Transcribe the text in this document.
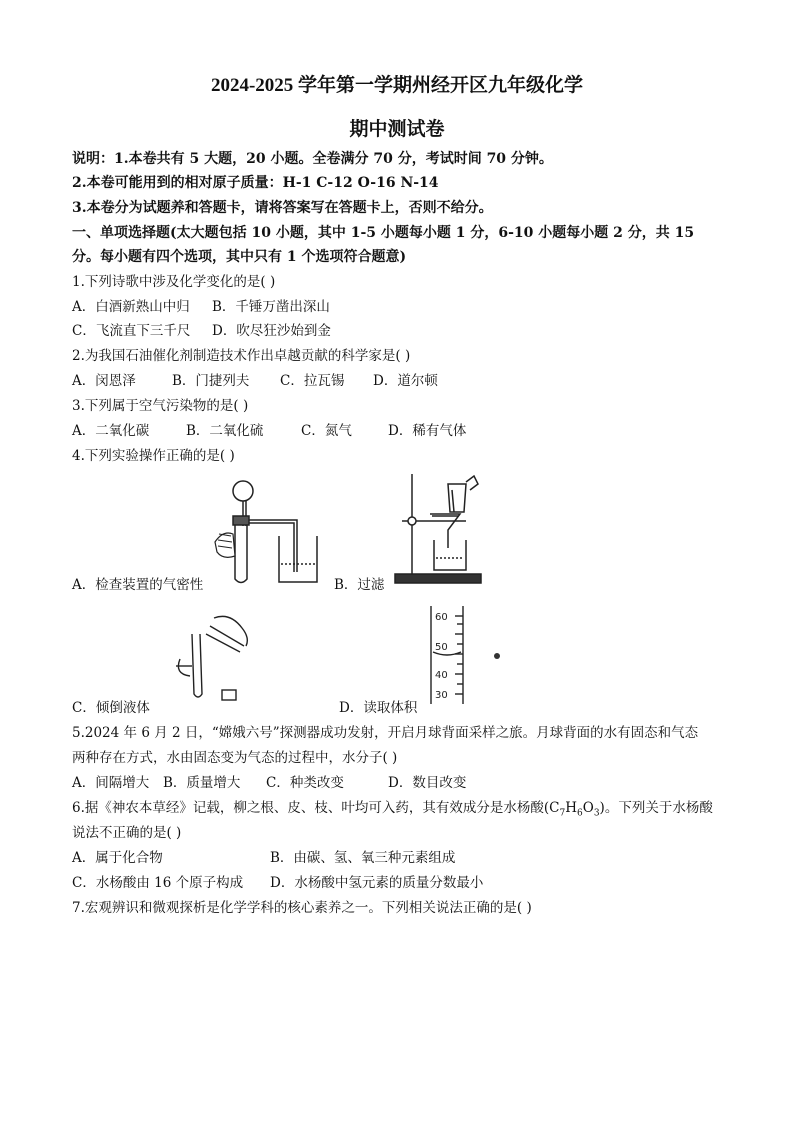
2024-2025 学年第一学期州经开区九年级化学
期中测试卷
说明：1.本卷共有 5 大题，20 小题。全卷满分 70 分，考试时间 70 分钟。
2.本卷可能用到的相对原子质量：H-1 C-12 O-16 N-14
3.本卷分为试题养和答题卡，请将答案写在答题卡上，否则不给分。
一、单项选择题(太大题包括 10 小题，其中 1-5 小题每小题 1 分，6-10 小题每小题 2 分，共 15
分。每小题有四个选项，其中只有 1 个选项符合题意)
1.下列诗歌中涉及化学变化的是( )
A．白酒新熟山中归 B．千锤万凿出深山
C．飞流直下三千尺 D．吹尽狂沙始到金
2.为我国石油催化剂制造技术作出卓越贡献的科学家是( )
A．闵恩泽	B．门捷列夫 C．拉瓦锡 D．道尔顿
3.下列属于空气污染物的是( )
A．二氧化碳	B．二氧化硫	C．氮气	D．稀有气体
4.下列实验操作正确的是( )
A．检查装置的气密性	B．过滤
C．倾倒液体
60
50
40
30
D．读取体积
5.2024 年 6 月 2 日，“嫦娥六号”探测器成功发射，开启月球背面采样之旅。月球背面的水有固态和气态
两种存在方式，水由固态变为气态的过程中，水分子( )
A．间隔增大 B．质量增大 C．种类改变	D．数目改变
6.据《神农本草经》记载，柳之根、皮、枝、叶均可入药，其有效成分是水杨酸$(C_7H_6O_3)$。下列关于水杨酸
说法不正确的是( )
A．属于化合物	B．由碳、氢、氧三种元素组成
C．水杨酸由 16 个原子构成 D．水杨酸中氢元素的质量分数最小
7.宏观辨识和微观探析是化学学科的核心素养之一。下列相关说法正确的是( )
